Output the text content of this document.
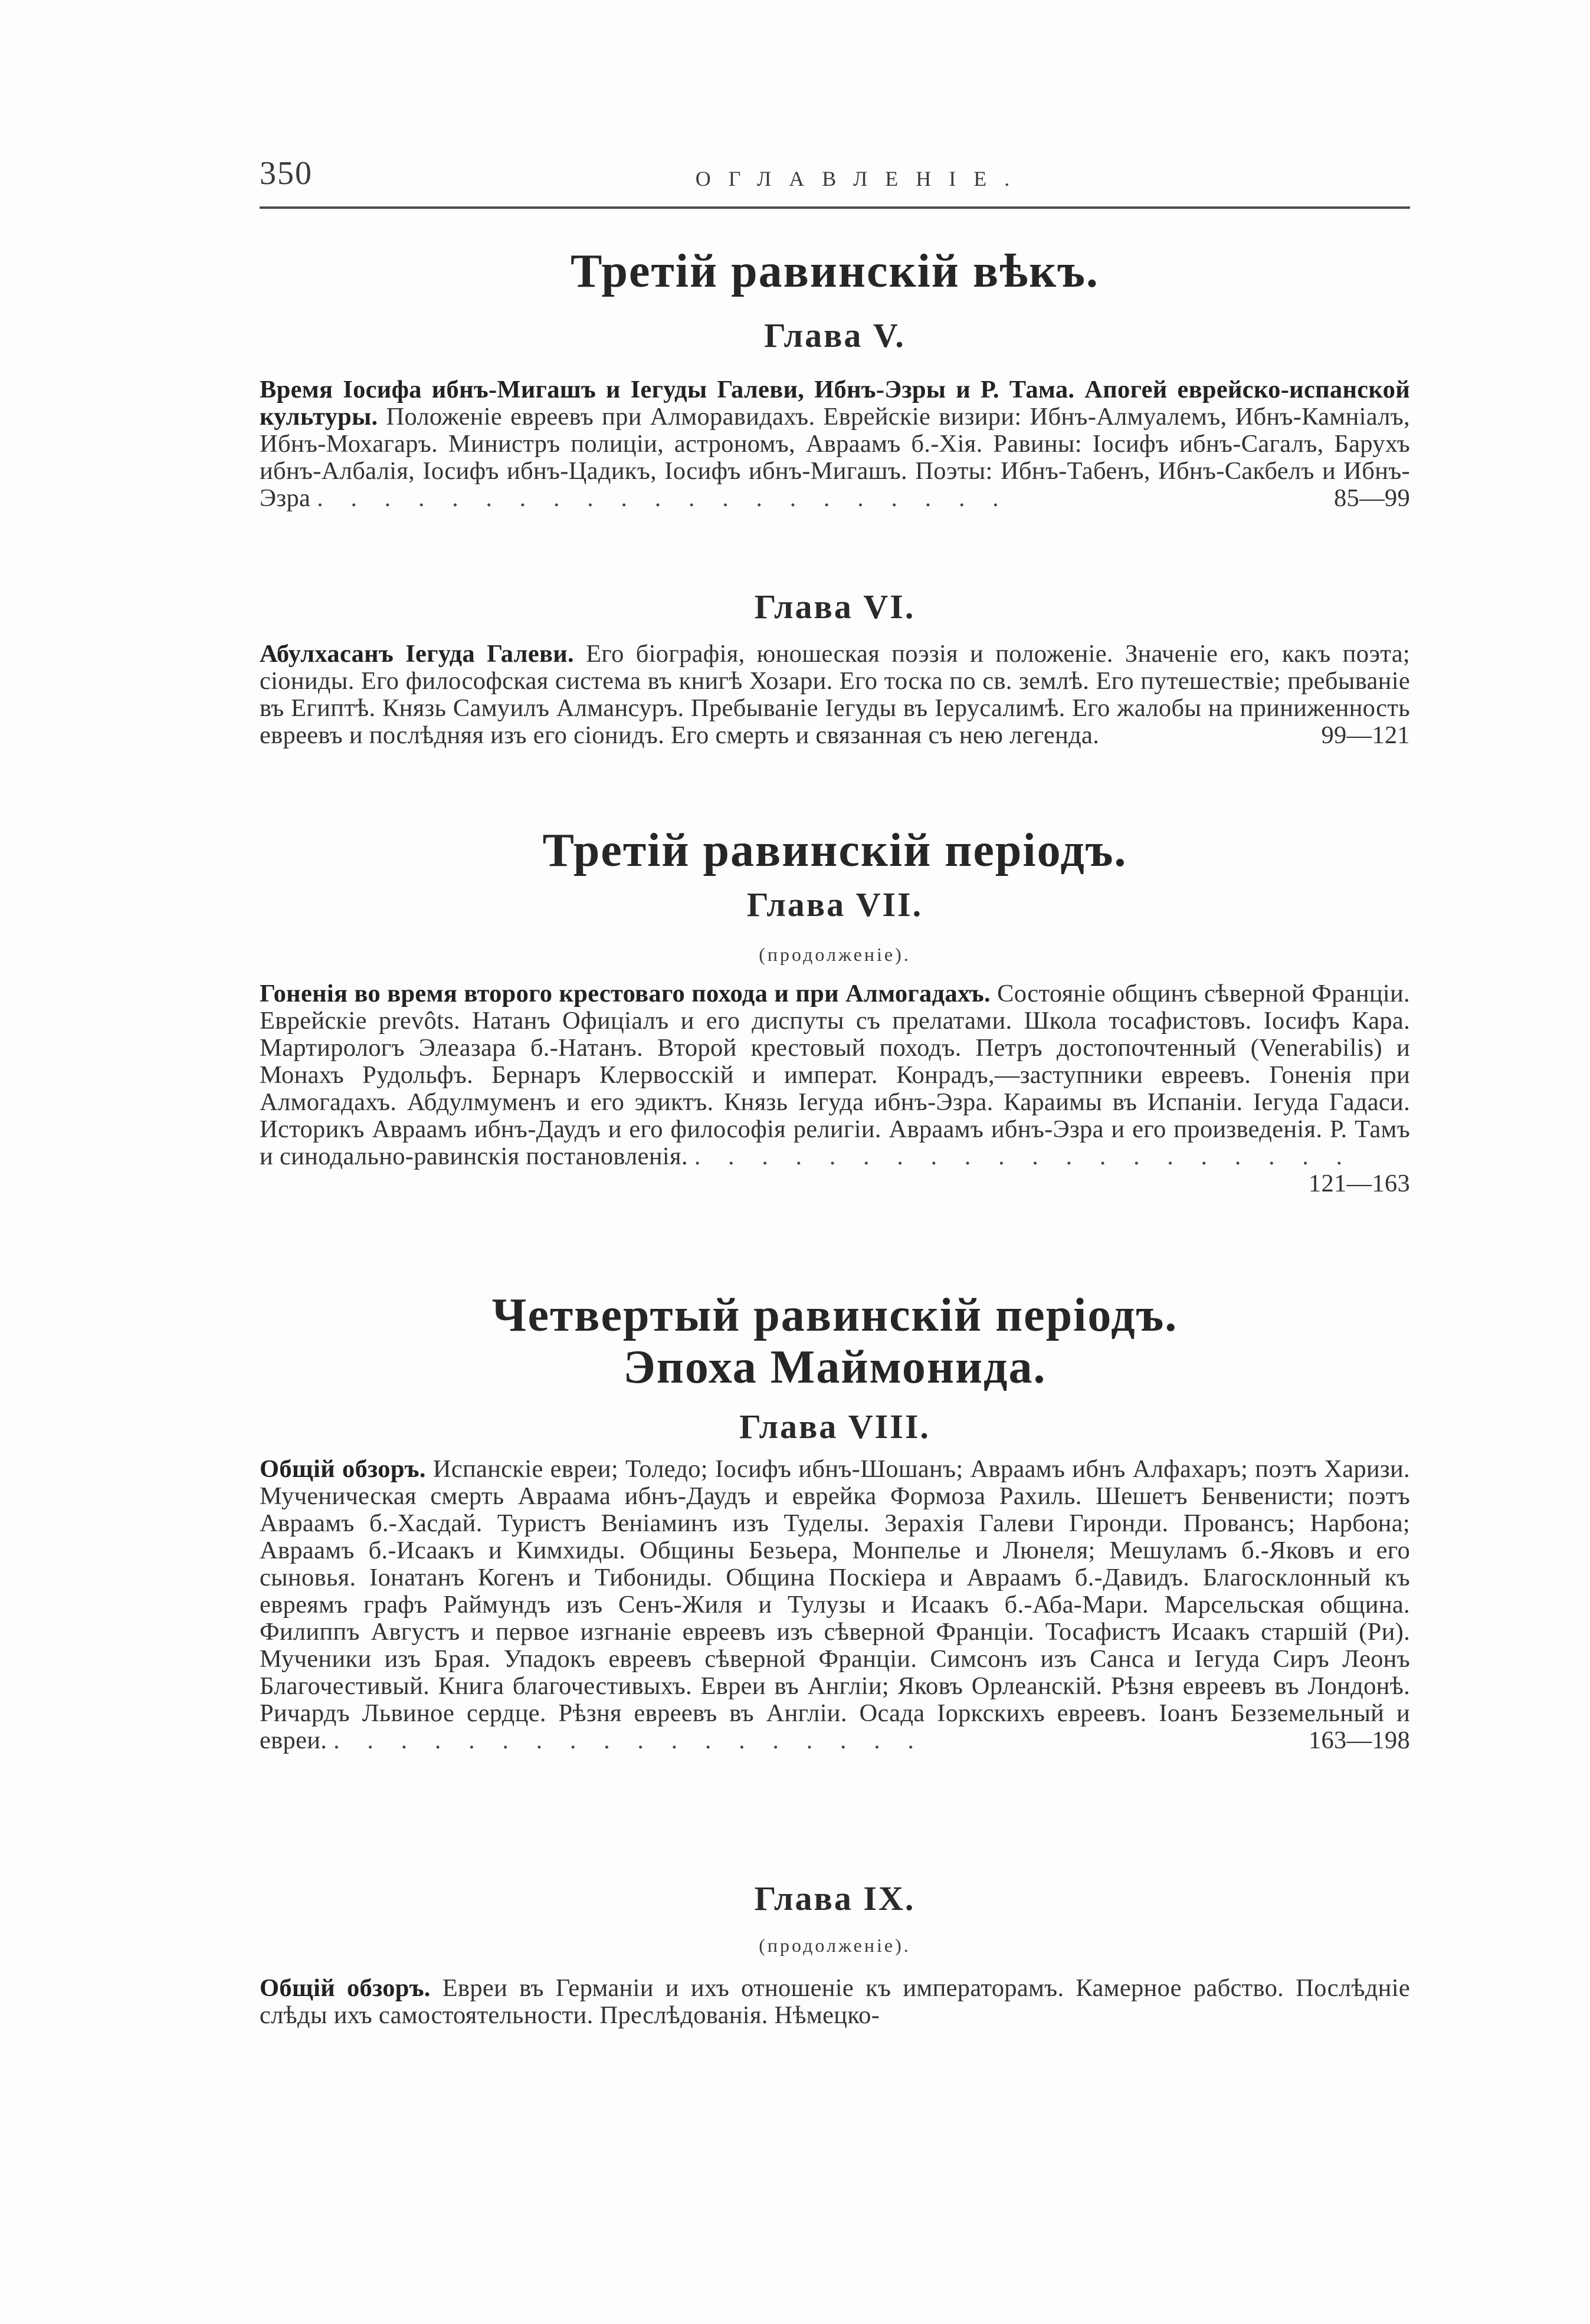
350	ОГЛАВЛЕНІЕ.
Третій равинскій вѣкъ.
Глава V.
Время Іосифа ибнъ-Мигашъ и Іегуды Галеви, Ибнъ-Эзры и Р. Тама. Апогей еврейско-испанской культуры. Положеніе евреевъ при Алморавидахъ. Еврейскіе визири: Ибнъ-Алмуалемъ, Ибнъ-Камніалъ, Ибнъ-Мохагаръ. Министръ полиціи, астрономъ, Авраамъ б.-Хія. Равины: Іосифъ ибнъ-Сагалъ, Барухъ ибнъ-Албалія, Іосифъ ибнъ-Цадикъ, Іосифъ ибнъ-Мигашъ. Поэты: Ибнъ-Табенъ, Ибнъ-Сакбелъ и Ибнъ-Эзра . . . . . . . . . . . . . . . . . . . . .	85—99
Глава VI.
Абулхасанъ Іегуда Галеви. Его біографія, юношеская поэзія и положеніе. Значеніе его, какъ поэта; сіониды. Его философская система въ книгѣ Хозари. Его тоска по св. землѣ. Его путешествіе; пребываніе въ Египтѣ. Князь Самуилъ Алмансуръ. Пребываніе Іегуды въ Іерусалимѣ. Его жалобы на приниженность евреевъ и послѣдняя изъ его сіонидъ. Его смерть и связанная съ нею легенда.	99—121
Третій равинскій періодъ.
Глава VII.
(продолженіе).
Гоненія во время второго крестоваго похода и при Алмогадахъ. Состояніе общинъ сѣверной Франціи. Еврейскіе prevôts. Натанъ Офиціалъ и его диспуты съ прелатами. Школа тосафистовъ. Іосифъ Кара. Мартирологъ Элеазара б.-Натанъ. Второй крестовый походъ. Петръ достопочтенный (Venerabilis) и Монахъ Рудольфъ. Бернаръ Клервосскій и императ. Конрадъ,—заступники евреевъ. Гоненія при Алмогадахъ. Абдулмуменъ и его эдиктъ. Князь Іегуда ибнъ-Эзра. Караимы въ Испаніи. Іегуда Гадаси. Историкъ Авраамъ ибнъ-Даудъ и его философія религіи. Авраамъ ибнъ-Эзра и его произведенія. Р. Тамъ и синодально-равинскія постановленія. . . . . . . . . . . . . . . . . . . . .
121—163
Четвертый равинскій періодъ.
Эпоха Маймонида.
Глава VIII.
Общій обзоръ. Испанскіе евреи; Толедо; Іосифъ ибнъ-Шошанъ; Авраамъ ибнъ Алфахаръ; поэтъ Харизи. Мученическая смерть Авраама ибнъ-Даудъ и еврейка Формоза Рахиль. Шешетъ Бенвенисти; поэтъ Авраамъ б.-Хасдай. Туристъ Веніаминъ изъ Туделы. Зерахія Галеви Гиронди. Провансъ; Нарбона; Авраамъ б.-Исаакъ и Кимхиды. Общины Безьера, Монпелье и Люнеля; Мешуламъ б.-Яковъ и его сыновья. Іонатанъ Когенъ и Тибониды. Община Поскіера и Авраамъ б.-Давидъ. Благосклонный къ евреямъ графъ Раймундъ изъ Сенъ-Жиля и Тулузы и Исаакъ б.-Аба-Мари. Марсельская община. Филиппъ Августъ и первое изгнаніе евреевъ изъ сѣверной Франціи. Тосафистъ Исаакъ старшій (Ри). Мученики изъ Брая. Упадокъ евреевъ сѣверной Франціи. Симсонъ изъ Санса и Іегуда Сиръ Леонъ Благочестивый. Книга благочестивыхъ. Евреи въ Англіи; Яковъ Орлеанскій. Рѣзня евреевъ въ Лондонѣ. Ричардъ Львиное сердце. Рѣзня евреевъ въ Англіи. Осада Іоркскихъ евреевъ. Іоанъ Безземельный и евреи. . . . . . . . . . . . . . . . . . .	163—198
Глава IX.
(продолженіе).
Общій обзоръ. Евреи въ Германіи и ихъ отношеніе къ императорамъ. Камерное рабство. Послѣдніе слѣды ихъ самостоятельности. Преслѣдованія. Нѣмецко-
